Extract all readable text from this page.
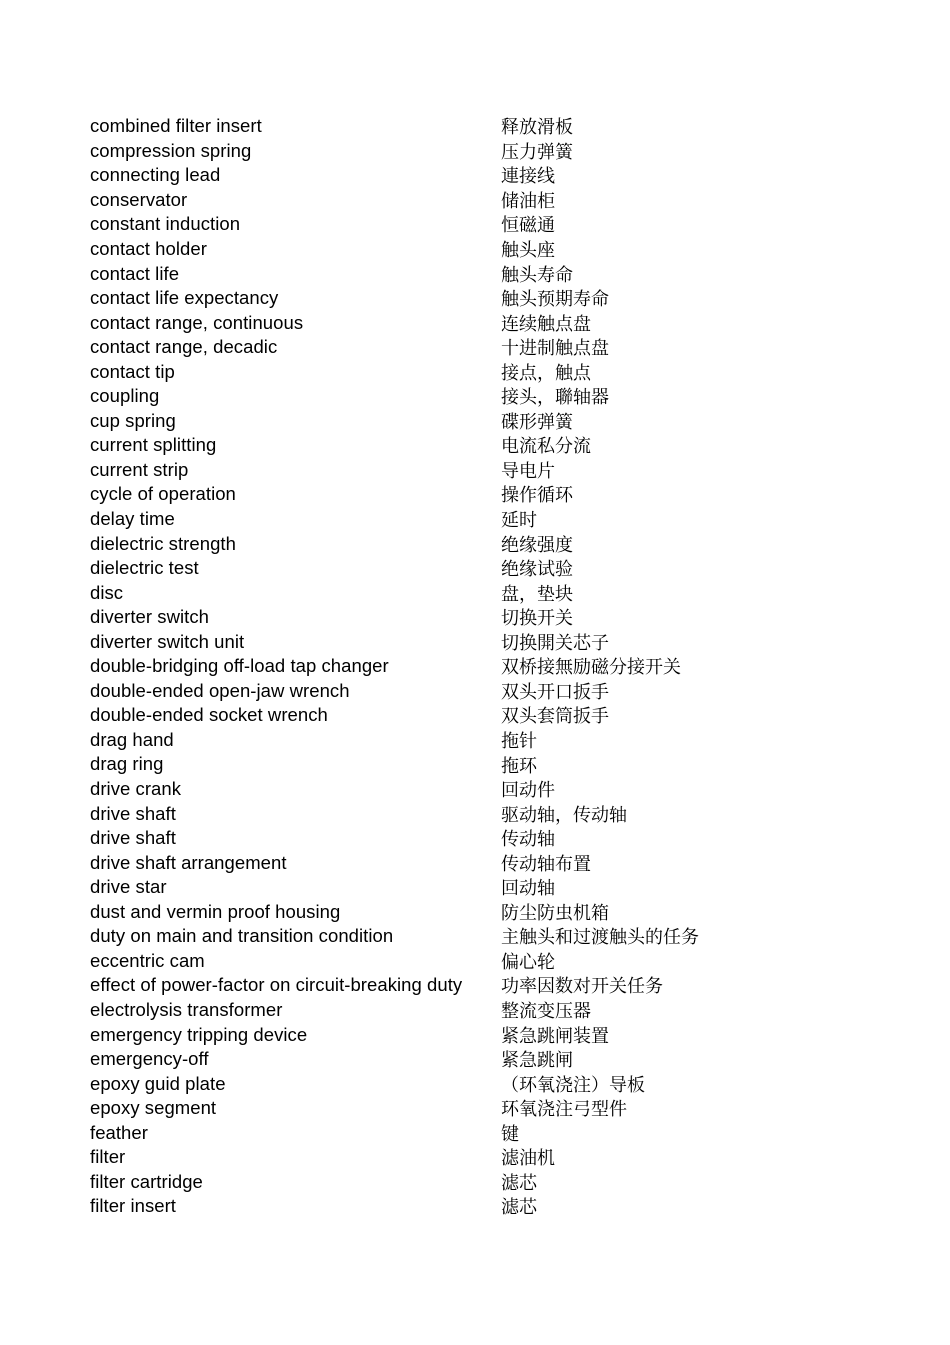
combined filter insert	释放滑板
compression spring	压力弹簧
connecting lead	連接线
conservator	储油柜
constant induction	恒磁通
contact holder	触头座
contact life	触头寿命
contact life expectancy	触头预期寿命
contact range, continuous	连续触点盘
contact range, decadic	十进制触点盘
contact tip	接点，触点
coupling	接头，聯轴器
cup spring	碟形弹簧
current splitting	电流私分流
current strip	导电片
cycle of operation	操作循环
delay time	延时
dielectric strength	绝缘强度
dielectric test	绝缘试验
disc	盘，垫块
diverter switch	切换开关
diverter switch unit	切换開关芯子
double-bridging off-load tap changer	双桥接無励磁分接开关
double-ended open-jaw wrench	双头开口扳手
double-ended socket wrench	双头套筒扳手
drag hand	拖针
drag ring	拖环
drive crank	回动件
drive shaft	驱动轴，传动轴
drive shaft	传动轴
drive shaft arrangement	传动轴布置
drive star	回动轴
dust and vermin proof housing	防尘防虫机箱
duty on main and transition condition	主触头和过渡触头的任务
eccentric cam	偏心轮
effect of power-factor on circuit-breaking duty	功率因数对开关任务
electrolysis transformer	整流变压器
emergency tripping device	紧急跳闸装置
emergency-off	紧急跳闸
epoxy guid plate	（环氧浇注）导板
epoxy segment	环氧浇注弓型件
feather	键
filter	滤油机
filter cartridge	滤芯
filter insert	滤芯
